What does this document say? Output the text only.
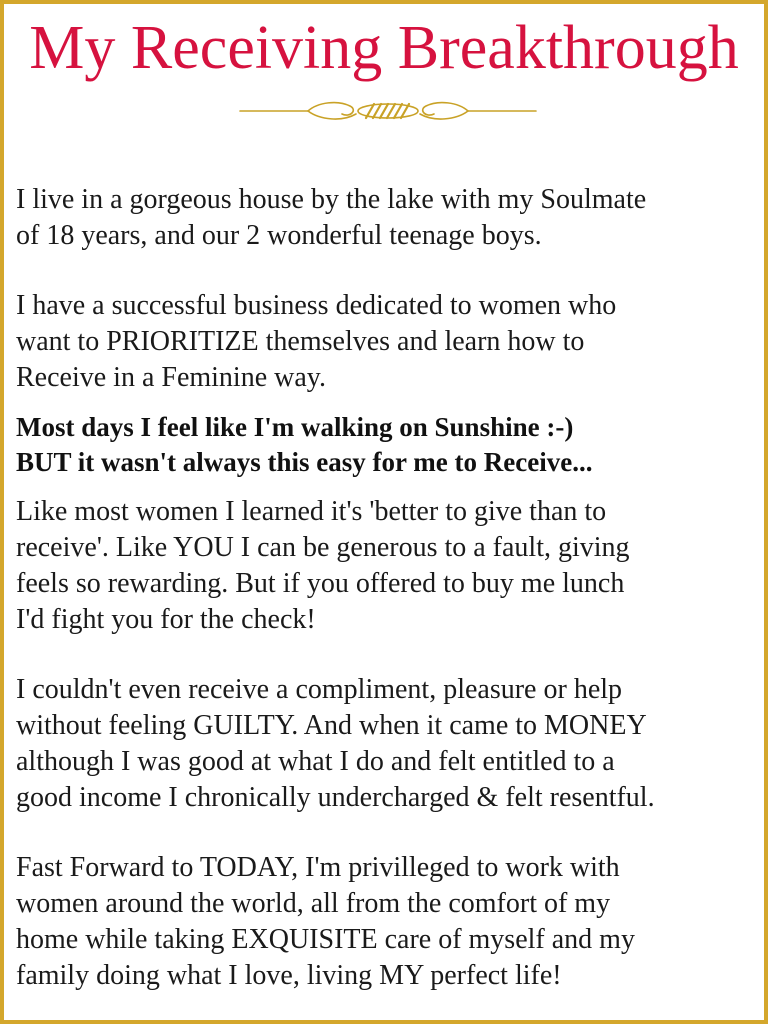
My Receiving Breakthrough

I live in a gorgeous house by the lake with my Soulmate
of 18 years, and our 2 wonderful teenage boys.

I have a successful business dedicated to women who
want to PRIORITIZE themselves and learn how to
Receive in a Feminine way.

Most days I feel like I'm walking on Sunshine :-)
BUT it wasn't always this easy for me to Receive...

Like most women I learned it's 'better to give than to
receive'. Like YOU I can be generous to a fault, giving
feels so rewarding. But if you offered to buy me lunch
I'd fight you for the check!

I couldn't even receive a compliment, pleasure or help
without feeling GUILTY. And when it came to MONEY
although I was good at what I do and felt entitled to a
good income I chronically undercharged & felt resentful.

Fast Forward to TODAY, I'm privilleged to work with
women around the world, all from the comfort of my
home while taking EXQUISITE care of myself and my
family doing what I love, living MY perfect life!
